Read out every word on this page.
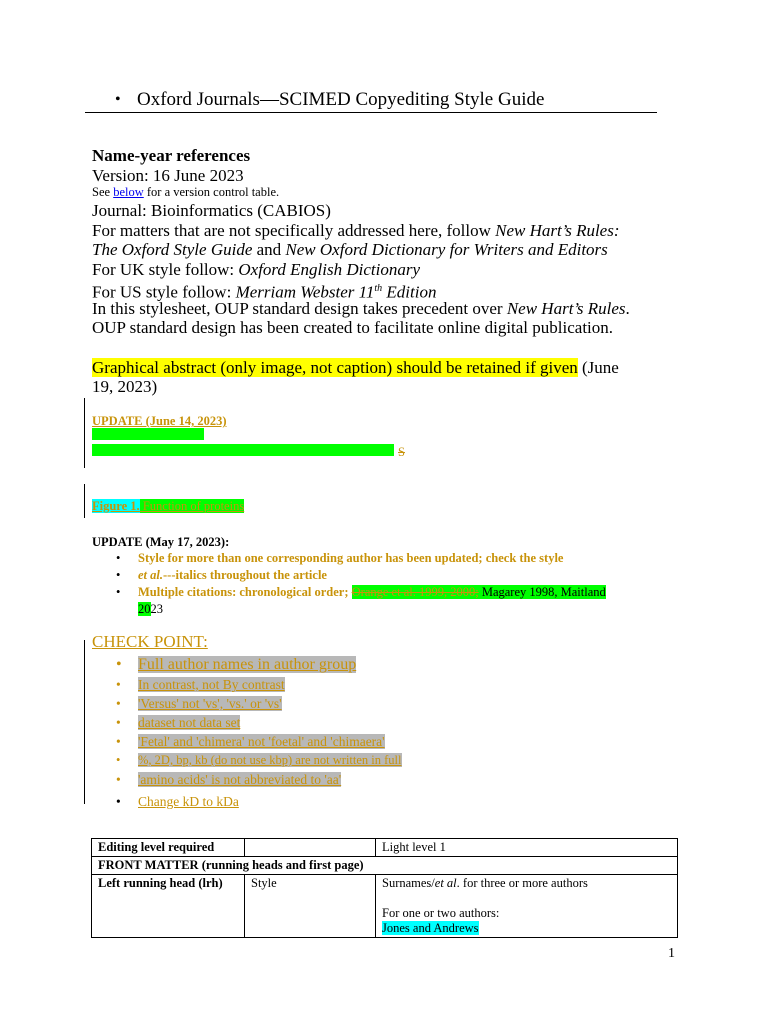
• Oxford Journals—SCIMED Copyediting Style Guide
Name-year references
Version: 16 June 2023
See below for a version control table.
Journal: Bioinformatics (CABIOS)
For matters that are not specifically addressed here, follow New Hart’s Rules:
The Oxford Style Guide and New Oxford Dictionary for Writers and Editors
For UK style follow: Oxford English Dictionary
For US style follow: Merriam Webster 11th Edition
In this stylesheet, OUP standard design takes precedent over New Hart’s Rules.
OUP standard design has been created to facilitate online digital publication.
Graphical abstract (only image, not caption) should be retained if given (June
19, 2023)
UPDATE (June 14, 2023)
S
Figure 1. Function of proteins
UPDATE (May 17, 2023):
• Style for more than one corresponding author has been updated; check the style
• et al.---italics throughout the article
• Multiple citations: chronological order; Orange et al. 1999, 2000; Magarey 1998, Maitland
2023
CHECK POINT:
• Full author names in author group
• In contrast, not By contrast
• 'Versus' not 'vs', 'vs.' or 'vs'
• dataset not data set
• 'Fetal' and 'chimera' not 'foetal' and 'chimaera'
• %, 2D, bp, kb (do not use kbp) are not written in full
• 'amino acids' is not abbreviated to 'aa'
• Change kD to kDa
Editing level required		Light level 1
FRONT MATTER (running heads and first page)		
Left running head (lrh)	Style	Surnames/et al. for three or more authors
For one or two authors:
Jones and Andrews
1
